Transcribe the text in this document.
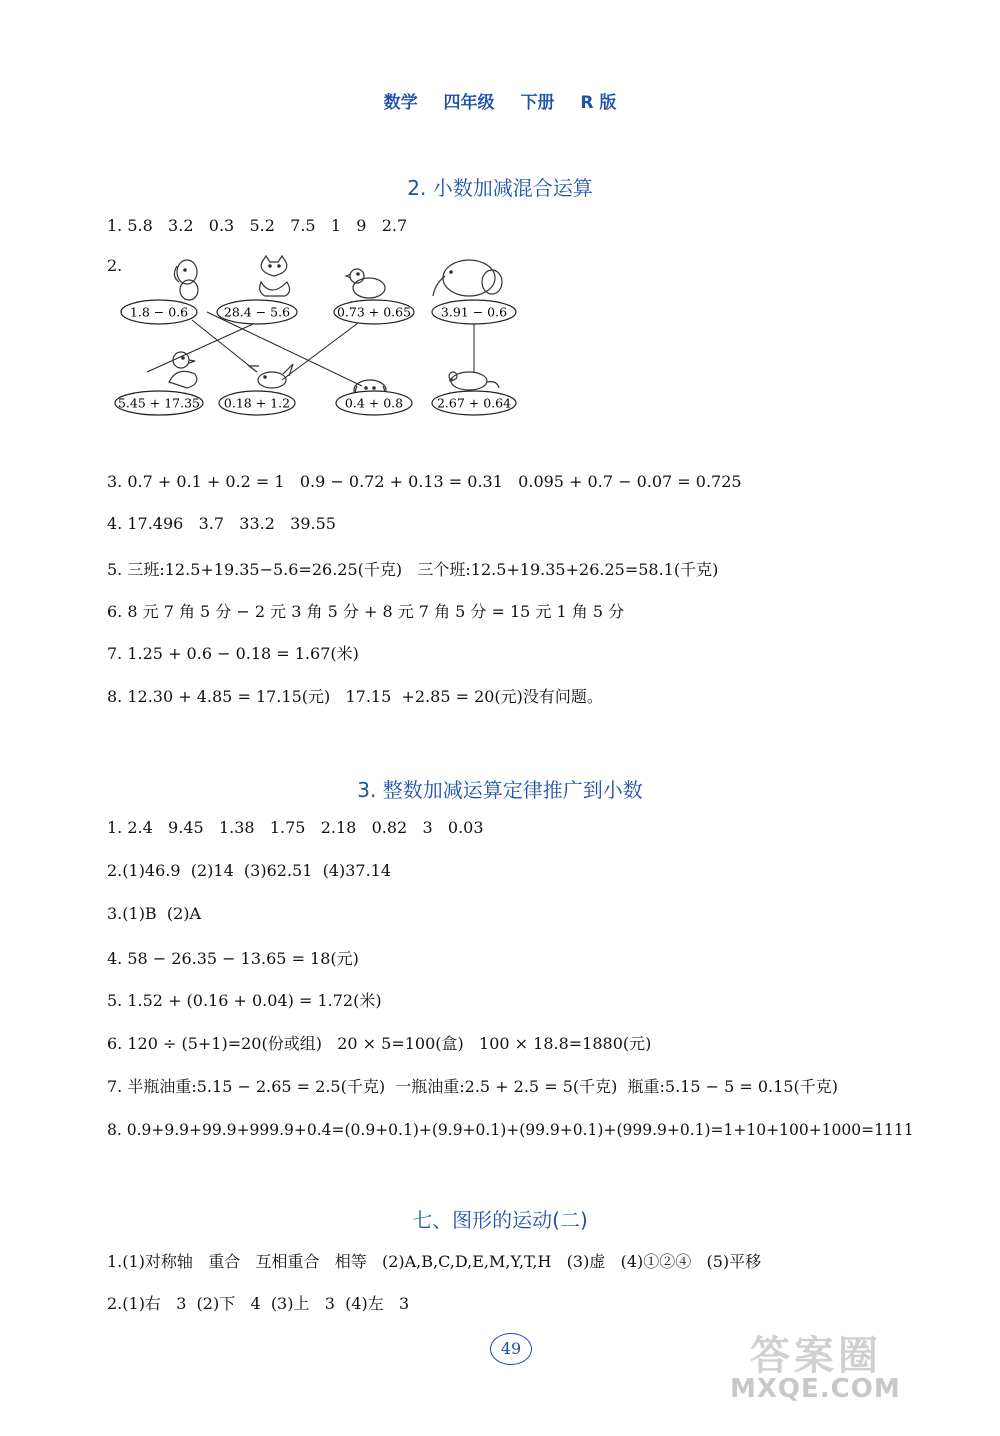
数学 四年级 下册 R 版
2. 小数加减混合运算
1. 5.8   3.2   0.3   5.2   7.5   1   9   2.7
2.
1.8 − 0.6	28.4 − 5.6	0.73 + 0.65 3.91 − 0.6
5.45 + 17.35 0.18 + 1.2	0.4 + 0.8	2.67 + 0.64
3. 0.7 + 0.1 + 0.2 = 1   0.9 − 0.72 + 0.13 = 0.31   0.095 + 0.7 − 0.07 = 0.725
4. 17.496   3.7   33.2   39.55
5. 三班:12.5+19.35−5.6=26.25(千克)   三个班:12.5+19.35+26.25=58.1(千克)
6. 8 元 7 角 5 分 − 2 元 3 角 5 分 + 8 元 7 角 5 分 = 15 元 1 角 5 分
7. 1.25 + 0.6 − 0.18 = 1.67(米)
8. 12.30 + 4.85 = 17.15(元)   17.15  +2.85 = 20(元)没有问题。
3. 整数加减运算定律推广到小数
1. 2.4   9.45   1.38   1.75   2.18   0.82   3   0.03
2.(1)46.9  (2)14  (3)62.51  (4)37.14
3.(1)B  (2)A
4. 58 − 26.35 − 13.65 = 18(元)
5. 1.52 + (0.16 + 0.04) = 1.72(米)
6. 120 ÷ (5+1)=20(份或组)   20 × 5=100(盒)   100 × 18.8=1880(元)
7. 半瓶油重:5.15 − 2.65 = 2.5(千克)  一瓶油重:2.5 + 2.5 = 5(千克)  瓶重:5.15 − 5 = 0.15(千克)
8. 0.9+9.9+99.9+999.9+0.4=(0.9+0.1)+(9.9+0.1)+(99.9+0.1)+(999.9+0.1)=1+10+100+1000=1111
七、图形的运动(二)
1.(1)对称轴   重合   互相重合   相等   (2)A,B,C,D,E,M,Y,T,H   (3)虚   (4)①②④   (5)平移
2.(1)右   3  (2)下   4  (3)上   3  (4)左   3
49	答案圈
MXQE.COM
